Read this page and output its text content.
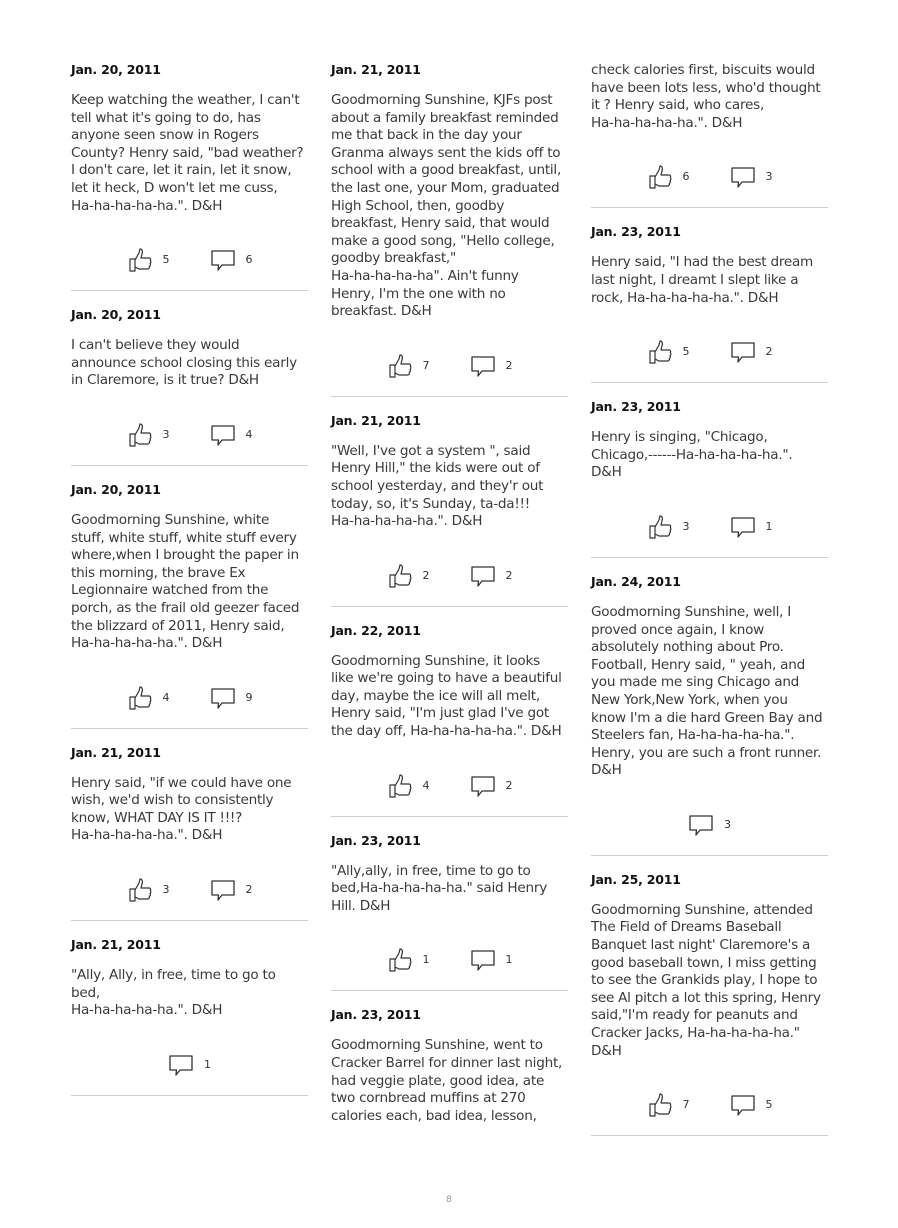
Jan. 20, 2011
Keep watching the weather, I can't
tell what it's going to do, has
anyone seen snow in Rogers
County? Henry said, "bad weather?
I don't care, let it rain, let it snow,
let it heck, D won't let me cuss,
Ha-ha-ha-ha-ha.". D&H
5	6
Jan. 20, 2011
I can't believe they would
announce school closing this early
in Claremore, is it true? D&H
3	4
Jan. 20, 2011
Goodmorning Sunshine, white
stuff, white stuff, white stuff every
where,when I brought the paper in
this morning, the brave Ex
Legionnaire watched from the
porch, as the frail old geezer faced
the blizzard of 2011, Henry said,
Ha-ha-ha-ha-ha.". D&H
4	9
Jan. 21, 2011
Henry said, "if we could have one
wish, we'd wish to consistently
know, WHAT DAY IS IT !!!?
Ha-ha-ha-ha-ha.". D&H
3	2
Jan. 21, 2011
"Ally, Ally, in free, time to go to bed,
Ha-ha-ha-ha-ha.". D&H
1
Jan. 21, 2011
Goodmorning Sunshine, KJFs post
about a family breakfast reminded
me that back in the day your
Granma always sent the kids off to
school with a good breakfast, until,
the last one, your Mom, graduated
High School, then, goodby
breakfast, Henry said, that would
make a good song, "Hello college,
goodby breakfast,"
Ha-ha-ha-ha-ha". Ain't funny
Henry, I'm the one with no
breakfast. D&H
7	2
Jan. 21, 2011
"Well, I've got a system ", said
Henry Hill," the kids were out of
school yesterday, and they'r out
today, so, it's Sunday, ta-da!!!
Ha-ha-ha-ha-ha.". D&H
2	2
Jan. 22, 2011
Goodmorning Sunshine, it looks
like we're going to have a beautiful
day, maybe the ice will all melt,
Henry said, "I'm just glad I've got
the day off, Ha-ha-ha-ha-ha.". D&H
4	2
Jan. 23, 2011
"Ally,ally, in free, time to go to
bed,Ha-ha-ha-ha-ha." said Henry
Hill. D&H
1	1
Jan. 23, 2011
Goodmorning Sunshine, went to
Cracker Barrel for dinner last night,
had veggie plate, good idea, ate
two cornbread muffins at 270
calories each, bad idea, lesson,
check calories first, biscuits would
have been lots less, who'd thought
it ? Henry said, who cares,
Ha-ha-ha-ha-ha.". D&H
6	3
Jan. 23, 2011
Henry said, "I had the best dream
last night, I dreamt I slept like a
rock, Ha-ha-ha-ha-ha.". D&H
5	2
Jan. 23, 2011
Henry is singing, "Chicago,
Chicago,------Ha-ha-ha-ha-ha.".
D&H
3	1
Jan. 24, 2011
Goodmorning Sunshine, well, I
proved once again, I know
absolutely nothing about Pro.
Football, Henry said, " yeah, and
you made me sing Chicago and
New York,New York, when you
know I'm a die hard Green Bay and
Steelers fan, Ha-ha-ha-ha-ha.".
Henry, you are such a front runner.
D&H
3
Jan. 25, 2011
Goodmorning Sunshine, attended
The Field of Dreams Baseball
Banquet last night' Claremore's a
good baseball town, I miss getting
to see the Grankids play, I hope to
see Al pitch a lot this spring, Henry
said,"I'm ready for peanuts and
Cracker Jacks, Ha-ha-ha-ha-ha."
D&H
7	5
8
